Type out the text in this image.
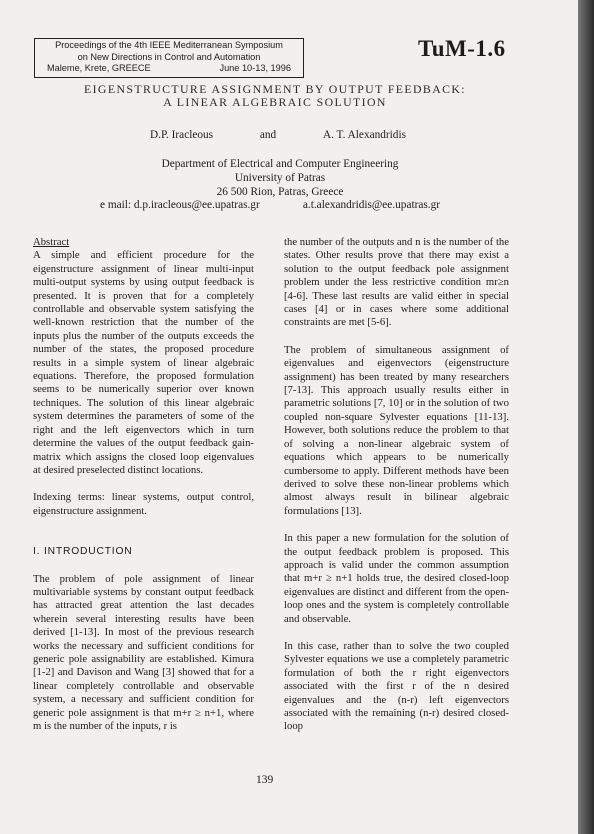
Proceedings of the 4th IEEE Mediterranean Symposium
on New Directions in Control and Automation
Maleme, Krete, GREECE	June 10-13, 1996
TuM-1.6
EIGENSTRUCTURE ASSIGNMENT BY OUTPUT FEEDBACK:
A LINEAR ALGEBRAIC SOLUTION
D.P. Iracleous	and	A. T. Alexandridis
Department of Electrical and Computer Engineering
University of Patras
26 500 Rion, Patras, Greece
e mail: d.p.iracleous@ee.upatras.gr	a.t.alexandridis@ee.upatras.gr

Abstract

A simple and efficient procedure for the eigenstructure assignment of linear multi-input multi-output systems by using output feedback is presented. It is proven that for a completely controllable and observable system satisfying the well-known restriction that the number of the inputs plus the number of the outputs exceeds the number of the states, the proposed procedure results in a simple system of linear algebraic equations. Therefore, the proposed formulation seems to be numerically superior over known techniques. The solution of this linear algebraic system determines the parameters of some of the right and the left eigenvectors which in turn determine the values of the output feedback gain-matrix which assigns the closed loop eigenvalues at desired preselected distinct locations.

Indexing terms: linear systems, output control, eigenstructure assignment.

I. INTRODUCTION

The problem of pole assignment of linear multivariable systems by constant output feedback has attracted great attention the last decades wherein several interesting results have been derived [1-13]. In most of the previous research works the necessary and sufficient conditions for generic pole assignability are established. Kimura [1-2] and Davison and Wang [3] showed that for a linear completely controllable and observable system, a necessary and sufficient condition for generic pole assignment is that m+r ≥ n+1, where m is the number of the inputs, r is

the number of the outputs and n is the number of the states. Other results prove that there may exist a solution to the output feedback pole assignment problem under the less restrictive condition mr≥n [4-6]. These last results are valid either in special cases [4] or in cases where some additional constraints are met [5-6].

The problem of simultaneous assignment of eigenvalues and eigenvectors (eigenstructure assignment) has been treated by many researchers [7-13]. This approach usually results either in parametric solutions [7, 10] or in the solution of two coupled non-square Sylvester equations [11-13]. However, both solutions reduce the problem to that of solving a non-linear algebraic system of equations which appears to be numerically cumbersome to apply. Different methods have been derived to solve these non-linear problems which almost always result in bilinear algebraic formulations [13].

In this paper a new formulation for the solution of the output feedback problem is proposed. This approach is valid under the common assumption that m+r ≥ n+1 holds true, the desired closed-loop eigenvalues are distinct and different from the open-loop ones and the system is completely controllable and observable.

In this case, rather than to solve the two coupled Sylvester equations we use a completely parametric formulation of both the r right eigenvectors associated with the first r of the n desired eigenvalues and the (n-r) left eigenvectors associated with the remaining (n-r) desired closed-loop

139
